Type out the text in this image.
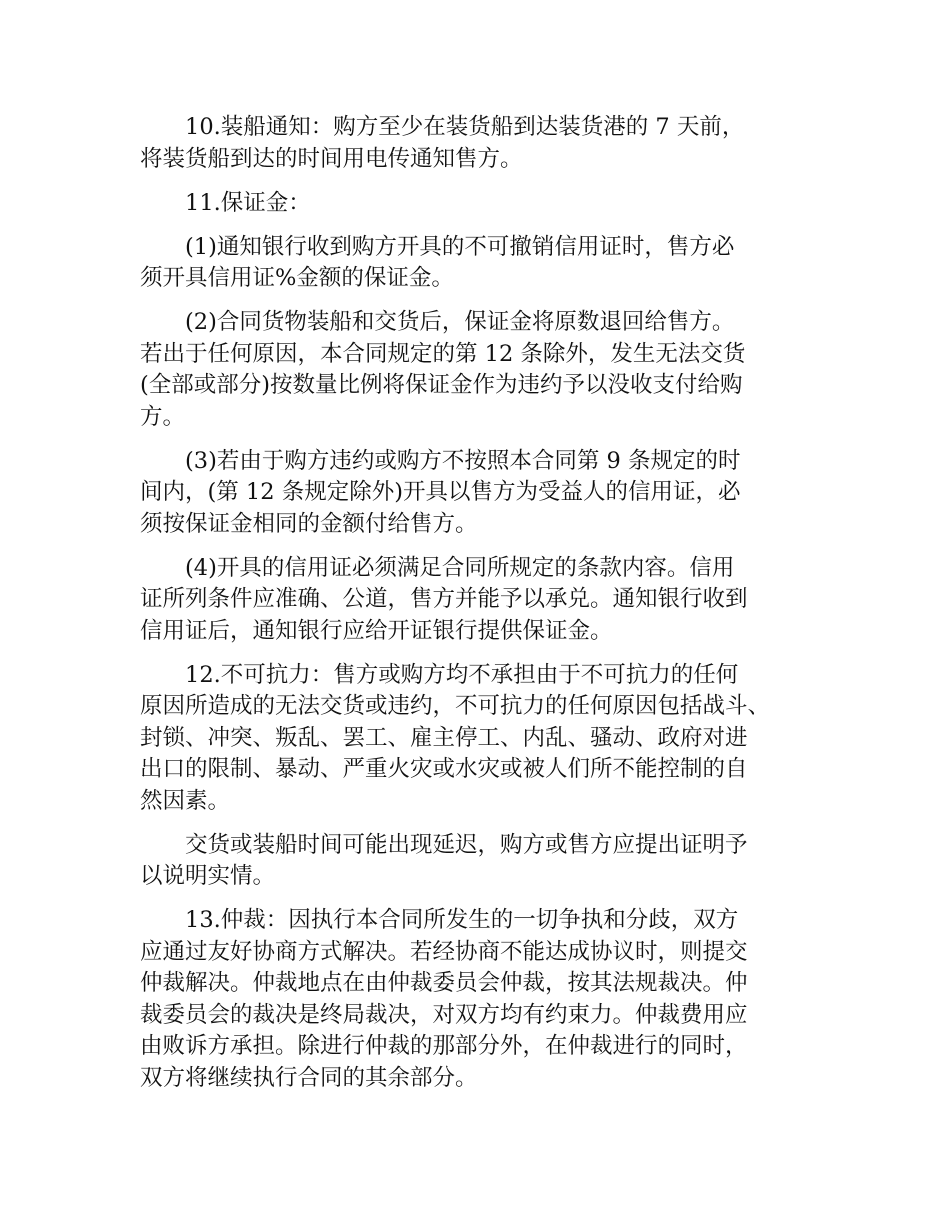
　　10.装船通知：购方至少在装货船到达装货港的 7 天前，
将装货船到达的时间用电传通知售方。

　　11.保证金：

　　(1)通知银行收到购方开具的不可撤销信用证时，售方必
须开具信用证%金额的保证金。

　　(2)合同货物装船和交货后，保证金将原数退回给售方。
若出于任何原因，本合同规定的第 12 条除外，发生无法交货
(全部或部分)按数量比例将保证金作为违约予以没收支付给购
方。

　　(3)若由于购方违约或购方不按照本合同第 9 条规定的时
间内，(第 12 条规定除外)开具以售方为受益人的信用证，必
须按保证金相同的金额付给售方。

　　(4)开具的信用证必须满足合同所规定的条款内容。信用
证所列条件应准确、公道，售方并能予以承兑。通知银行收到
信用证后，通知银行应给开证银行提供保证金。

　　12.不可抗力：售方或购方均不承担由于不可抗力的任何
原因所造成的无法交货或违约，不可抗力的任何原因包括战斗、
封锁、冲突、叛乱、罢工、雇主停工、内乱、骚动、政府对进
出口的限制、暴动、严重火灾或水灾或被人们所不能控制的自
然因素。

　　交货或装船时间可能出现延迟，购方或售方应提出证明予
以说明实情。

　　13.仲裁：因执行本合同所发生的一切争执和分歧，双方
应通过友好协商方式解决。若经协商不能达成协议时，则提交
仲裁解决。仲裁地点在由仲裁委员会仲裁，按其法规裁决。仲
裁委员会的裁决是终局裁决，对双方均有约束力。仲裁费用应
由败诉方承担。除进行仲裁的那部分外，在仲裁进行的同时，
双方将继续执行合同的其余部分。
